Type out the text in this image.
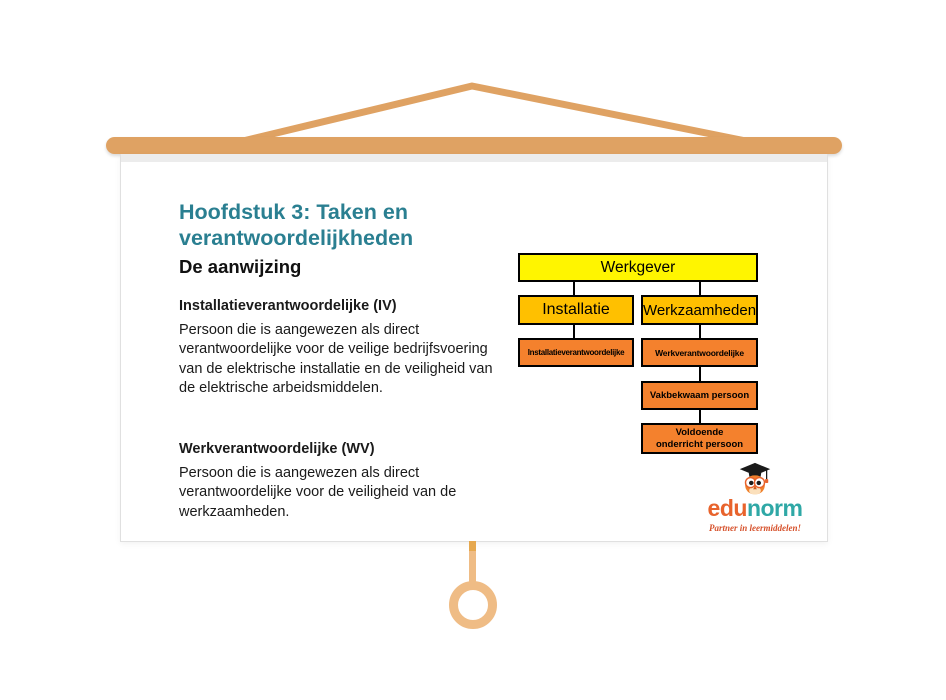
Hoofdstuk 3: Taken en verantwoordelijkheden
De aanwijzing
Installatieverantwoordelijke (IV)

Persoon die is aangewezen als direct verantwoordelijke voor de veilige bedrijfsvoering van de elektrische installatie en de veiligheid van de elektrische arbeidsmiddelen.

Werkverantwoordelijke (WV)

Persoon die is aangewezen als direct verantwoordelijke voor de veiligheid van de werkzaamheden.

Werkgever
Installatie	Werkzaamheden
Installatieverantwoordelijke	Werkverantwoordelijke
Vakbekwaam persoon
Voldoende onderricht persoon
edunorm
Partner in leermiddelen!
